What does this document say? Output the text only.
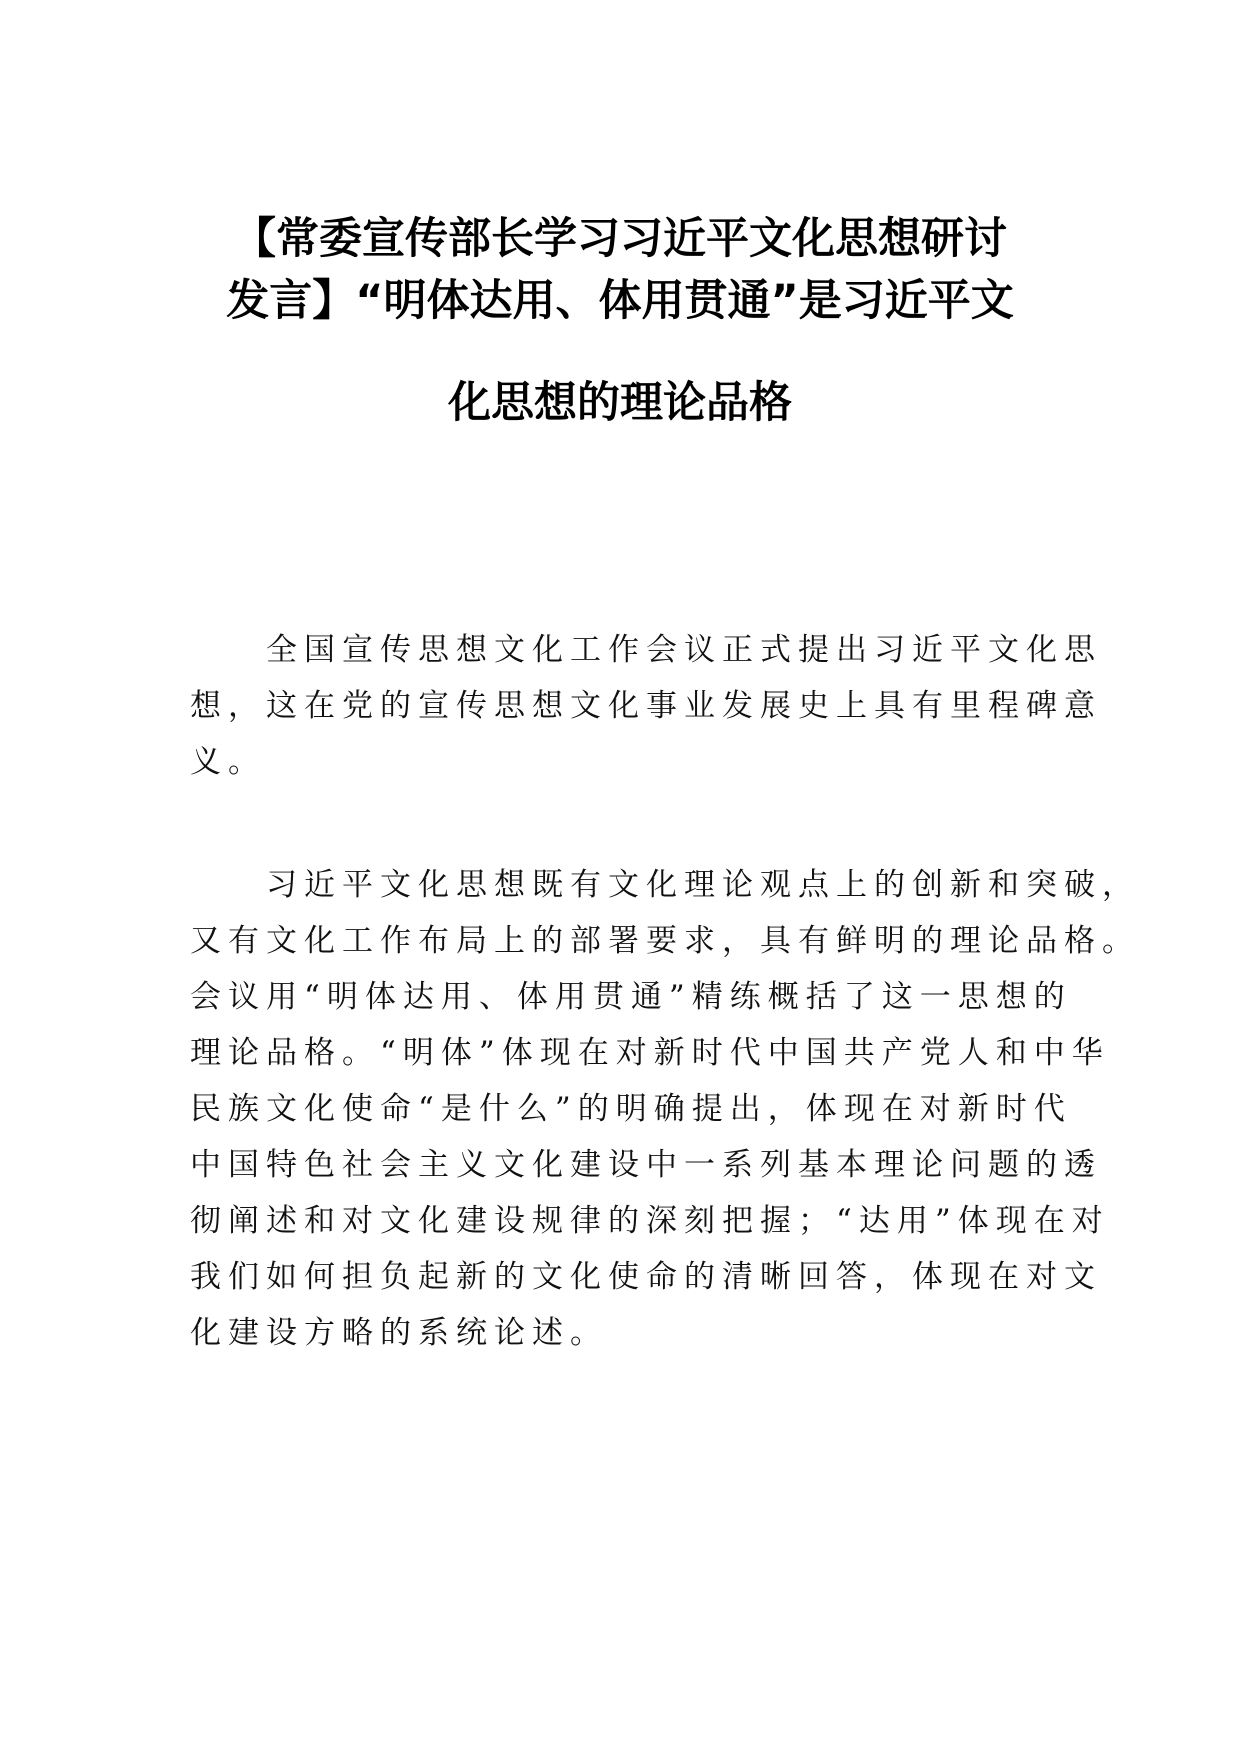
【常委宣传部长学习习近平文化思想研讨
发言】“明体达用、体用贯通”是习近平文
化思想的理论品格
全国宣传思想文化工作会议正式提出习近平文化思
想，这在党的宣传思想文化事业发展史上具有里程碑意
义。
习近平文化思想既有文化理论观点上的创新和突破，
又有文化工作布局上的部署要求，具有鲜明的理论品格。
会议用“明体达用、体用贯通”精练概括了这一思想的
理论品格。“明体”体现在对新时代中国共产党人和中华
民族文化使命“是什么”的明确提出，体现在对新时代
中国特色社会主义文化建设中一系列基本理论问题的透
彻阐述和对文化建设规律的深刻把握；“达用”体现在对
我们如何担负起新的文化使命的清晰回答，体现在对文
化建设方略的系统论述。
